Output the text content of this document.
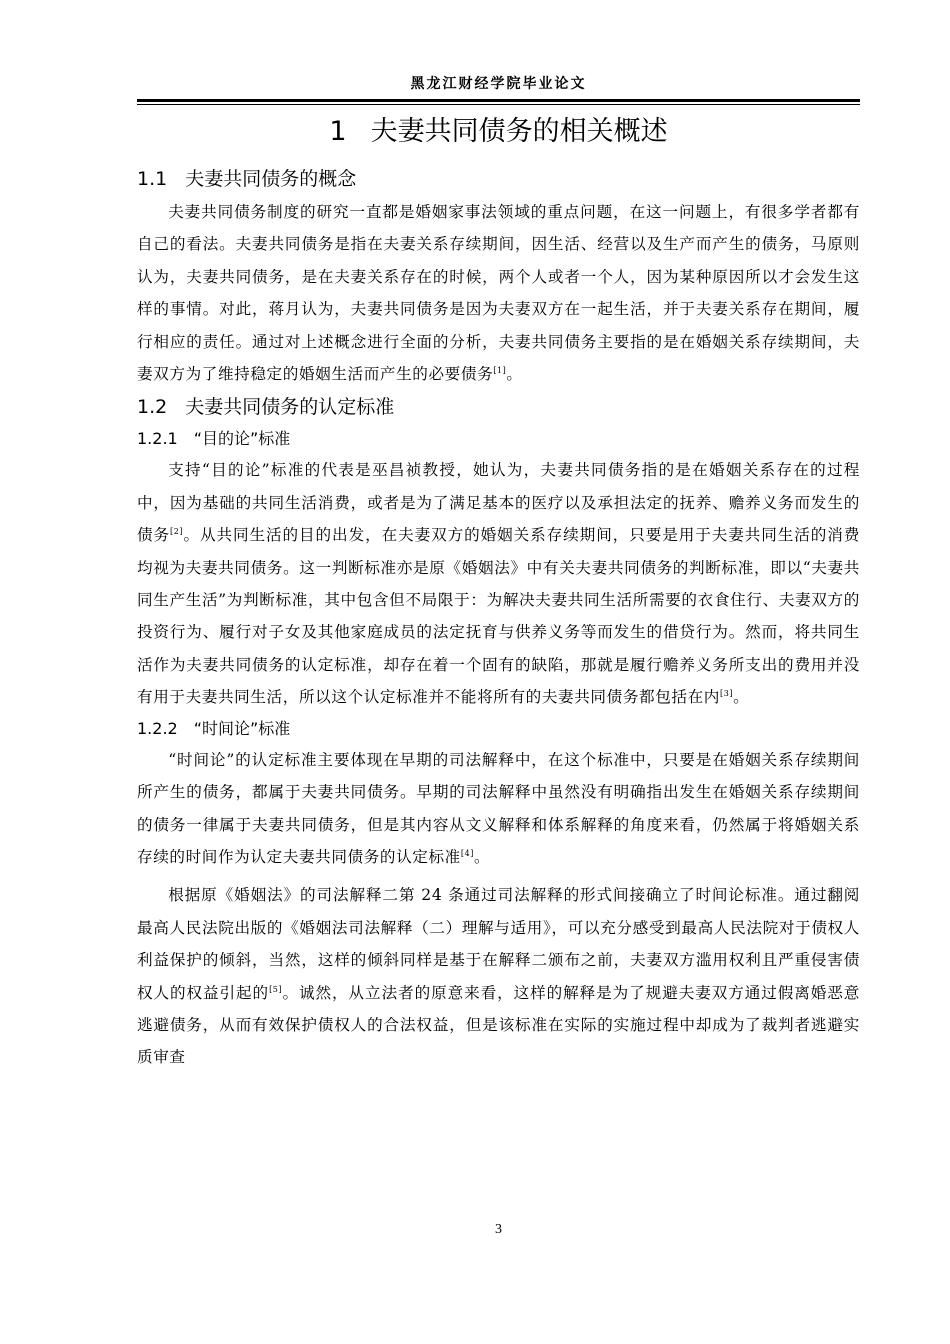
黑龙江财经学院毕业论文
1 夫妻共同债务的相关概述
1.1 夫妻共同债务的概念

夫妻共同债务制度的研究一直都是婚姻家事法领域的重点问题，在这一问题上，有很多学者都有自己的看法。夫妻共同债务是指在夫妻关系存续期间，因生活、经营以及生产而产生的债务，马原则认为，夫妻共同债务，是在夫妻关系存在的时候，两个人或者一个人，因为某种原因所以才会发生这样的事情。对此，蒋月认为，夫妻共同债务是因为夫妻双方在一起生活，并于夫妻关系存在期间，履行相应的责任。通过对上述概念进行全面的分析，夫妻共同债务主要指的是在婚姻关系存续期间，夫妻双方为了维持稳定的婚姻生活而产生的必要债务[1]。

1.2 夫妻共同债务的认定标准
1.2.1 “目的论”标准

支持“目的论”标准的代表是巫昌祯教授，她认为，夫妻共同债务指的是在婚姻关系存在的过程中，因为基础的共同生活消费，或者是为了满足基本的医疗以及承担法定的抚养、赡养义务而发生的债务[2]。从共同生活的目的出发，在夫妻双方的婚姻关系存续期间，只要是用于夫妻共同生活的消费均视为夫妻共同债务。这一判断标准亦是原《婚姻法》中有关夫妻共同债务的判断标准，即以“夫妻共同生产生活”为判断标准，其中包含但不局限于：为解决夫妻共同生活所需要的衣食住行、夫妻双方的投资行为、履行对子女及其他家庭成员的法定抚育与供养义务等而发生的借贷行为。然而，将共同生活作为夫妻共同债务的认定标准，却存在着一个固有的缺陷，那就是履行赡养义务所支出的费用并没有用于夫妻共同生活，所以这个认定标准并不能将所有的夫妻共同债务都包括在内[3]。

1.2.2 “时间论”标准

“时间论”的认定标准主要体现在早期的司法解释中，在这个标准中，只要是在婚姻关系存续期间所产生的债务，都属于夫妻共同债务。早期的司法解释中虽然没有明确指出发生在婚姻关系存续期间的债务一律属于夫妻共同债务，但是其内容从文义解释和体系解释的角度来看，仍然属于将婚姻关系存续的时间作为认定夫妻共同债务的认定标准[4]。

根据原《婚姻法》的司法解释二第 24 条通过司法解释的形式间接确立了时间论标准。通过翻阅最高人民法院出版的《婚姻法司法解释（二）理解与适用》，可以充分感受到最高人民法院对于债权人利益保护的倾斜，当然，这样的倾斜同样是基于在解释二颁布之前，夫妻双方滥用权利且严重侵害债权人的权益引起的[5]。诚然，从立法者的原意来看，这样的解释是为了规避夫妻双方通过假离婚恶意逃避债务，从而有效保护债权人的合法权益，但是该标准在实际的实施过程中却成为了裁判者逃避实质审查

3
